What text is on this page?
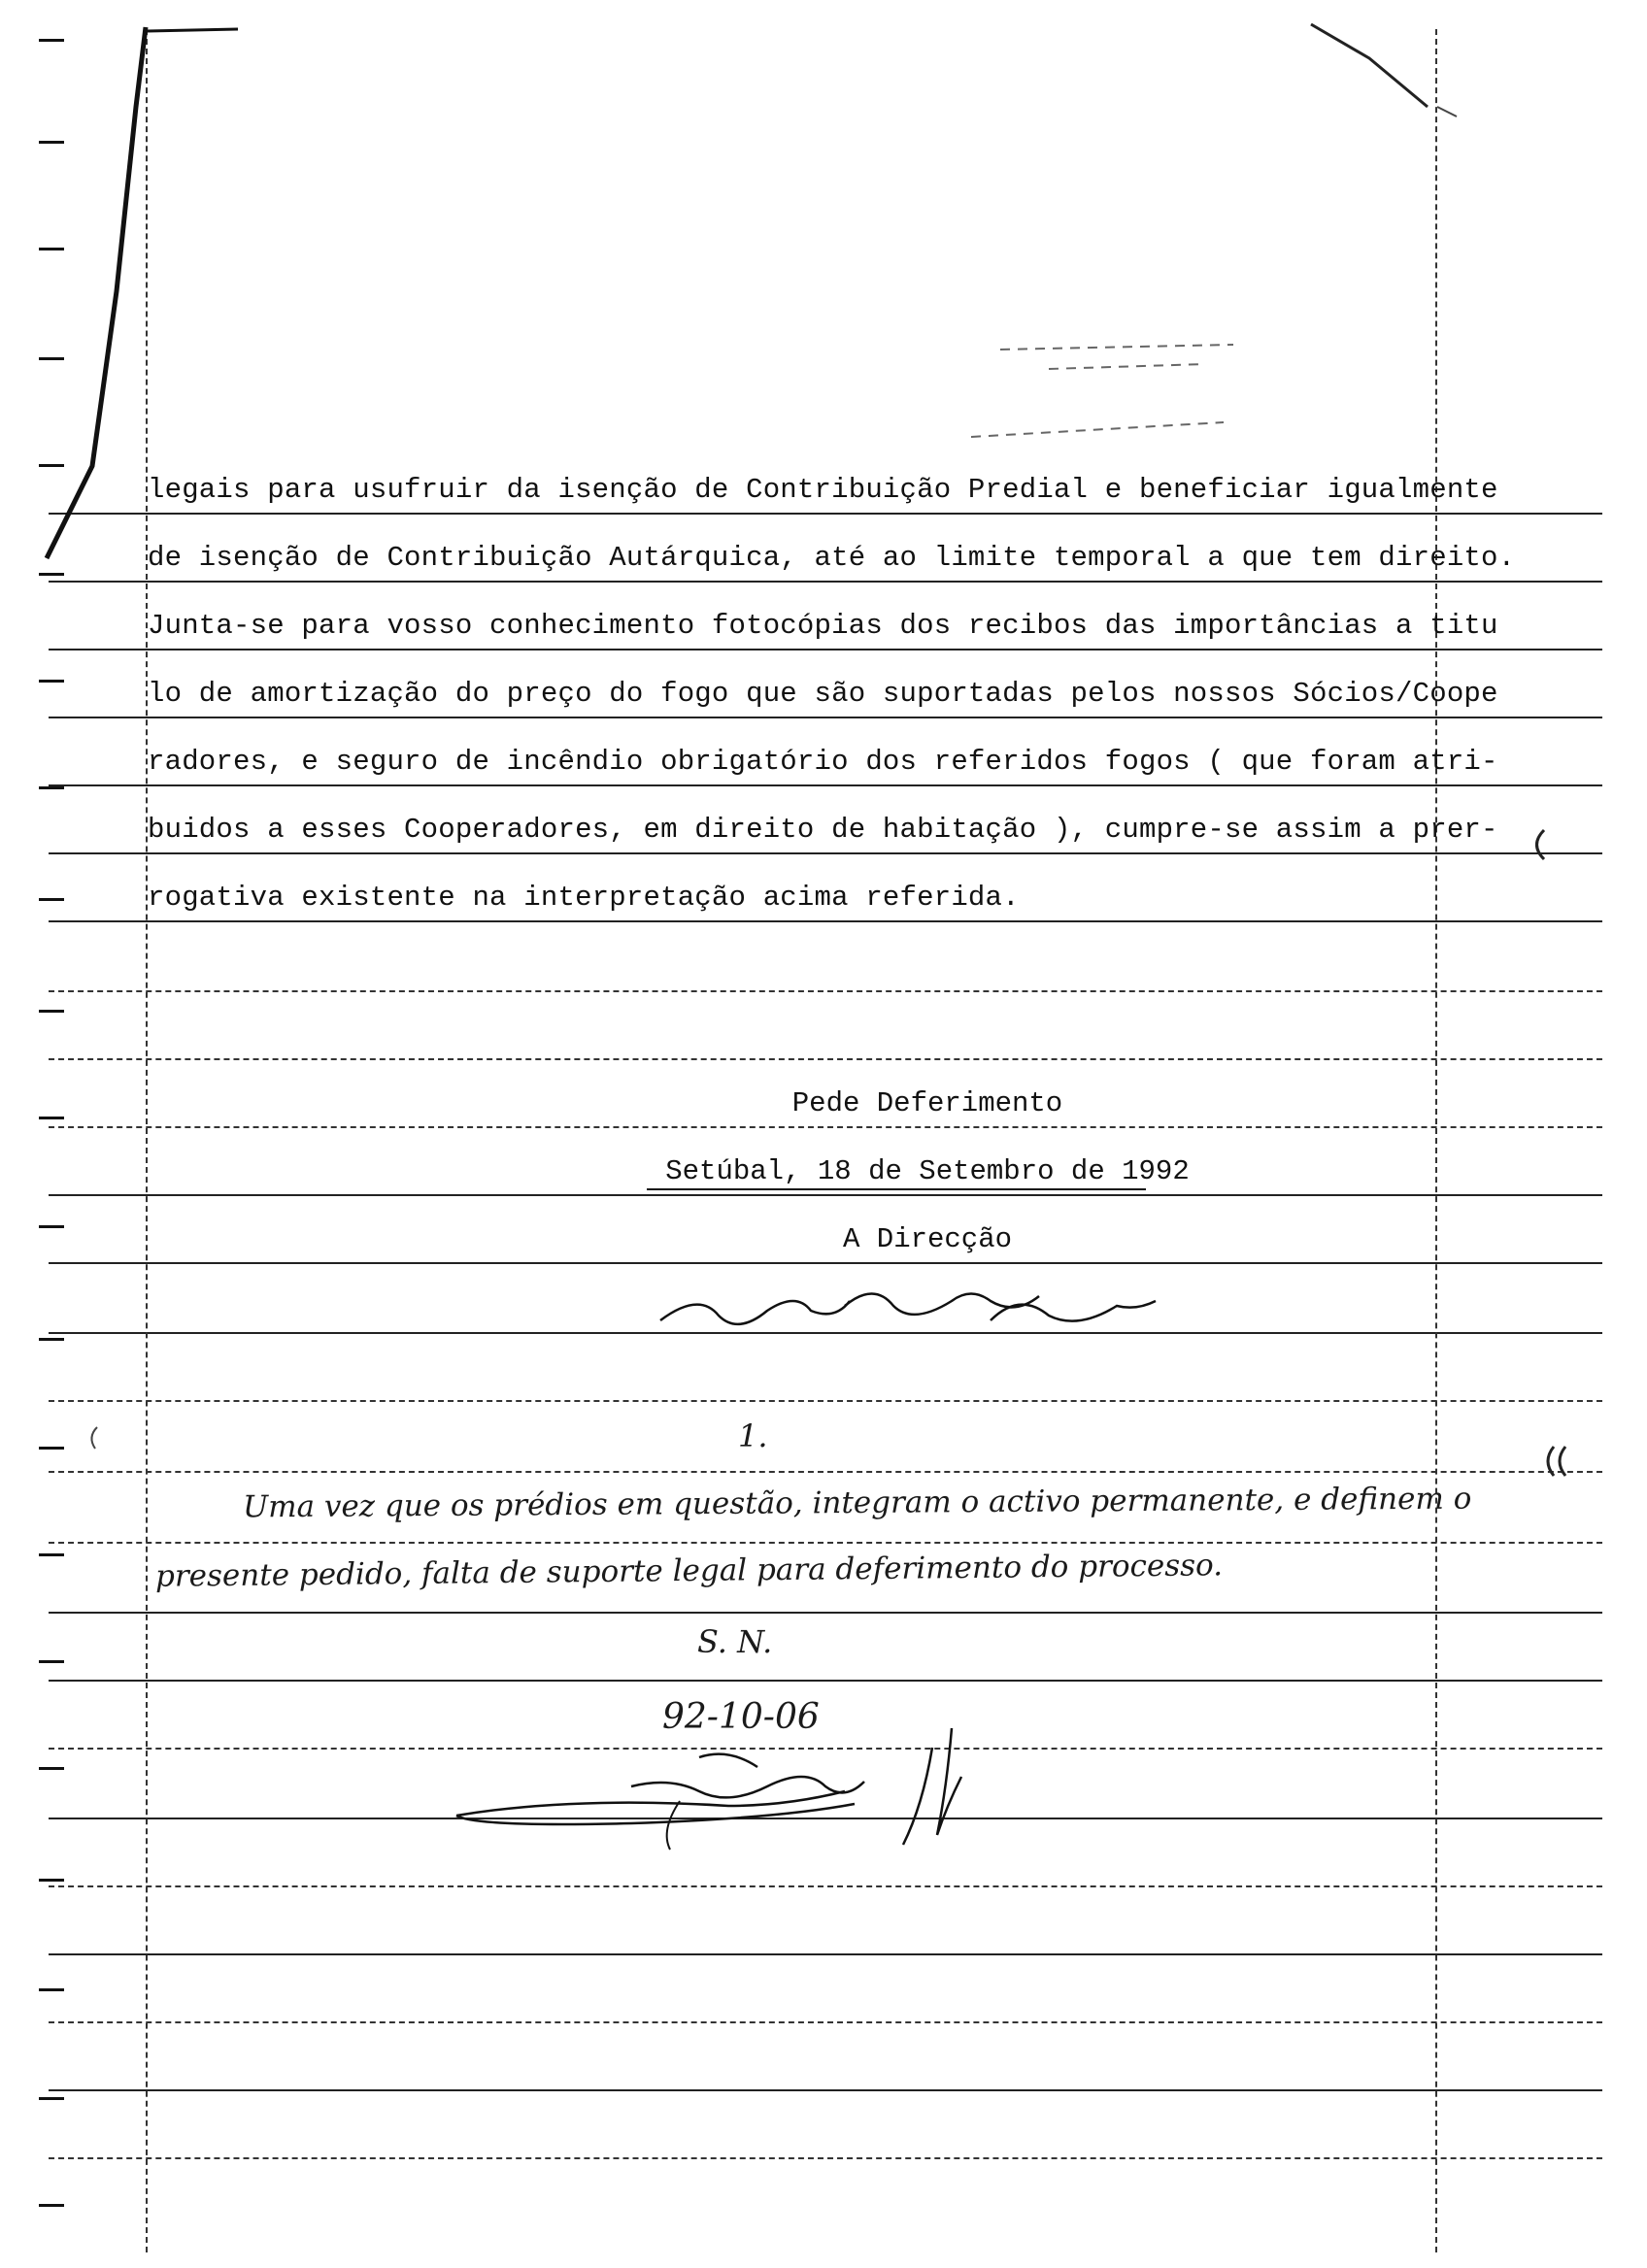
legais para usufruir da isenção de Contribuição Predial e beneficiar igualmente
de isenção de Contribuição Autárquica, até ao limite temporal a que tem direito.
Junta-se para vosso conhecimento fotocópias dos recibos das importâncias a titu
lo de amortização do preço do fogo que são suportadas pelos nossos Sócios/Coope
radores, e seguro de incêndio obrigatório dos referidos fogos ( que foram atri-
buidos a esses Cooperadores, em direito de habitação ), cumpre-se assim a prer-
rogativa existente na interpretação acima referida.
Pede Deferimento
Setúbal, 18 de Setembro de 1992
A Direcção
1.
Uma vez que os prédios em questão, integram o activo permanente, e definem o
presente pedido, falta de suporte legal para deferimento do processo.
S. N.
92-10-06
